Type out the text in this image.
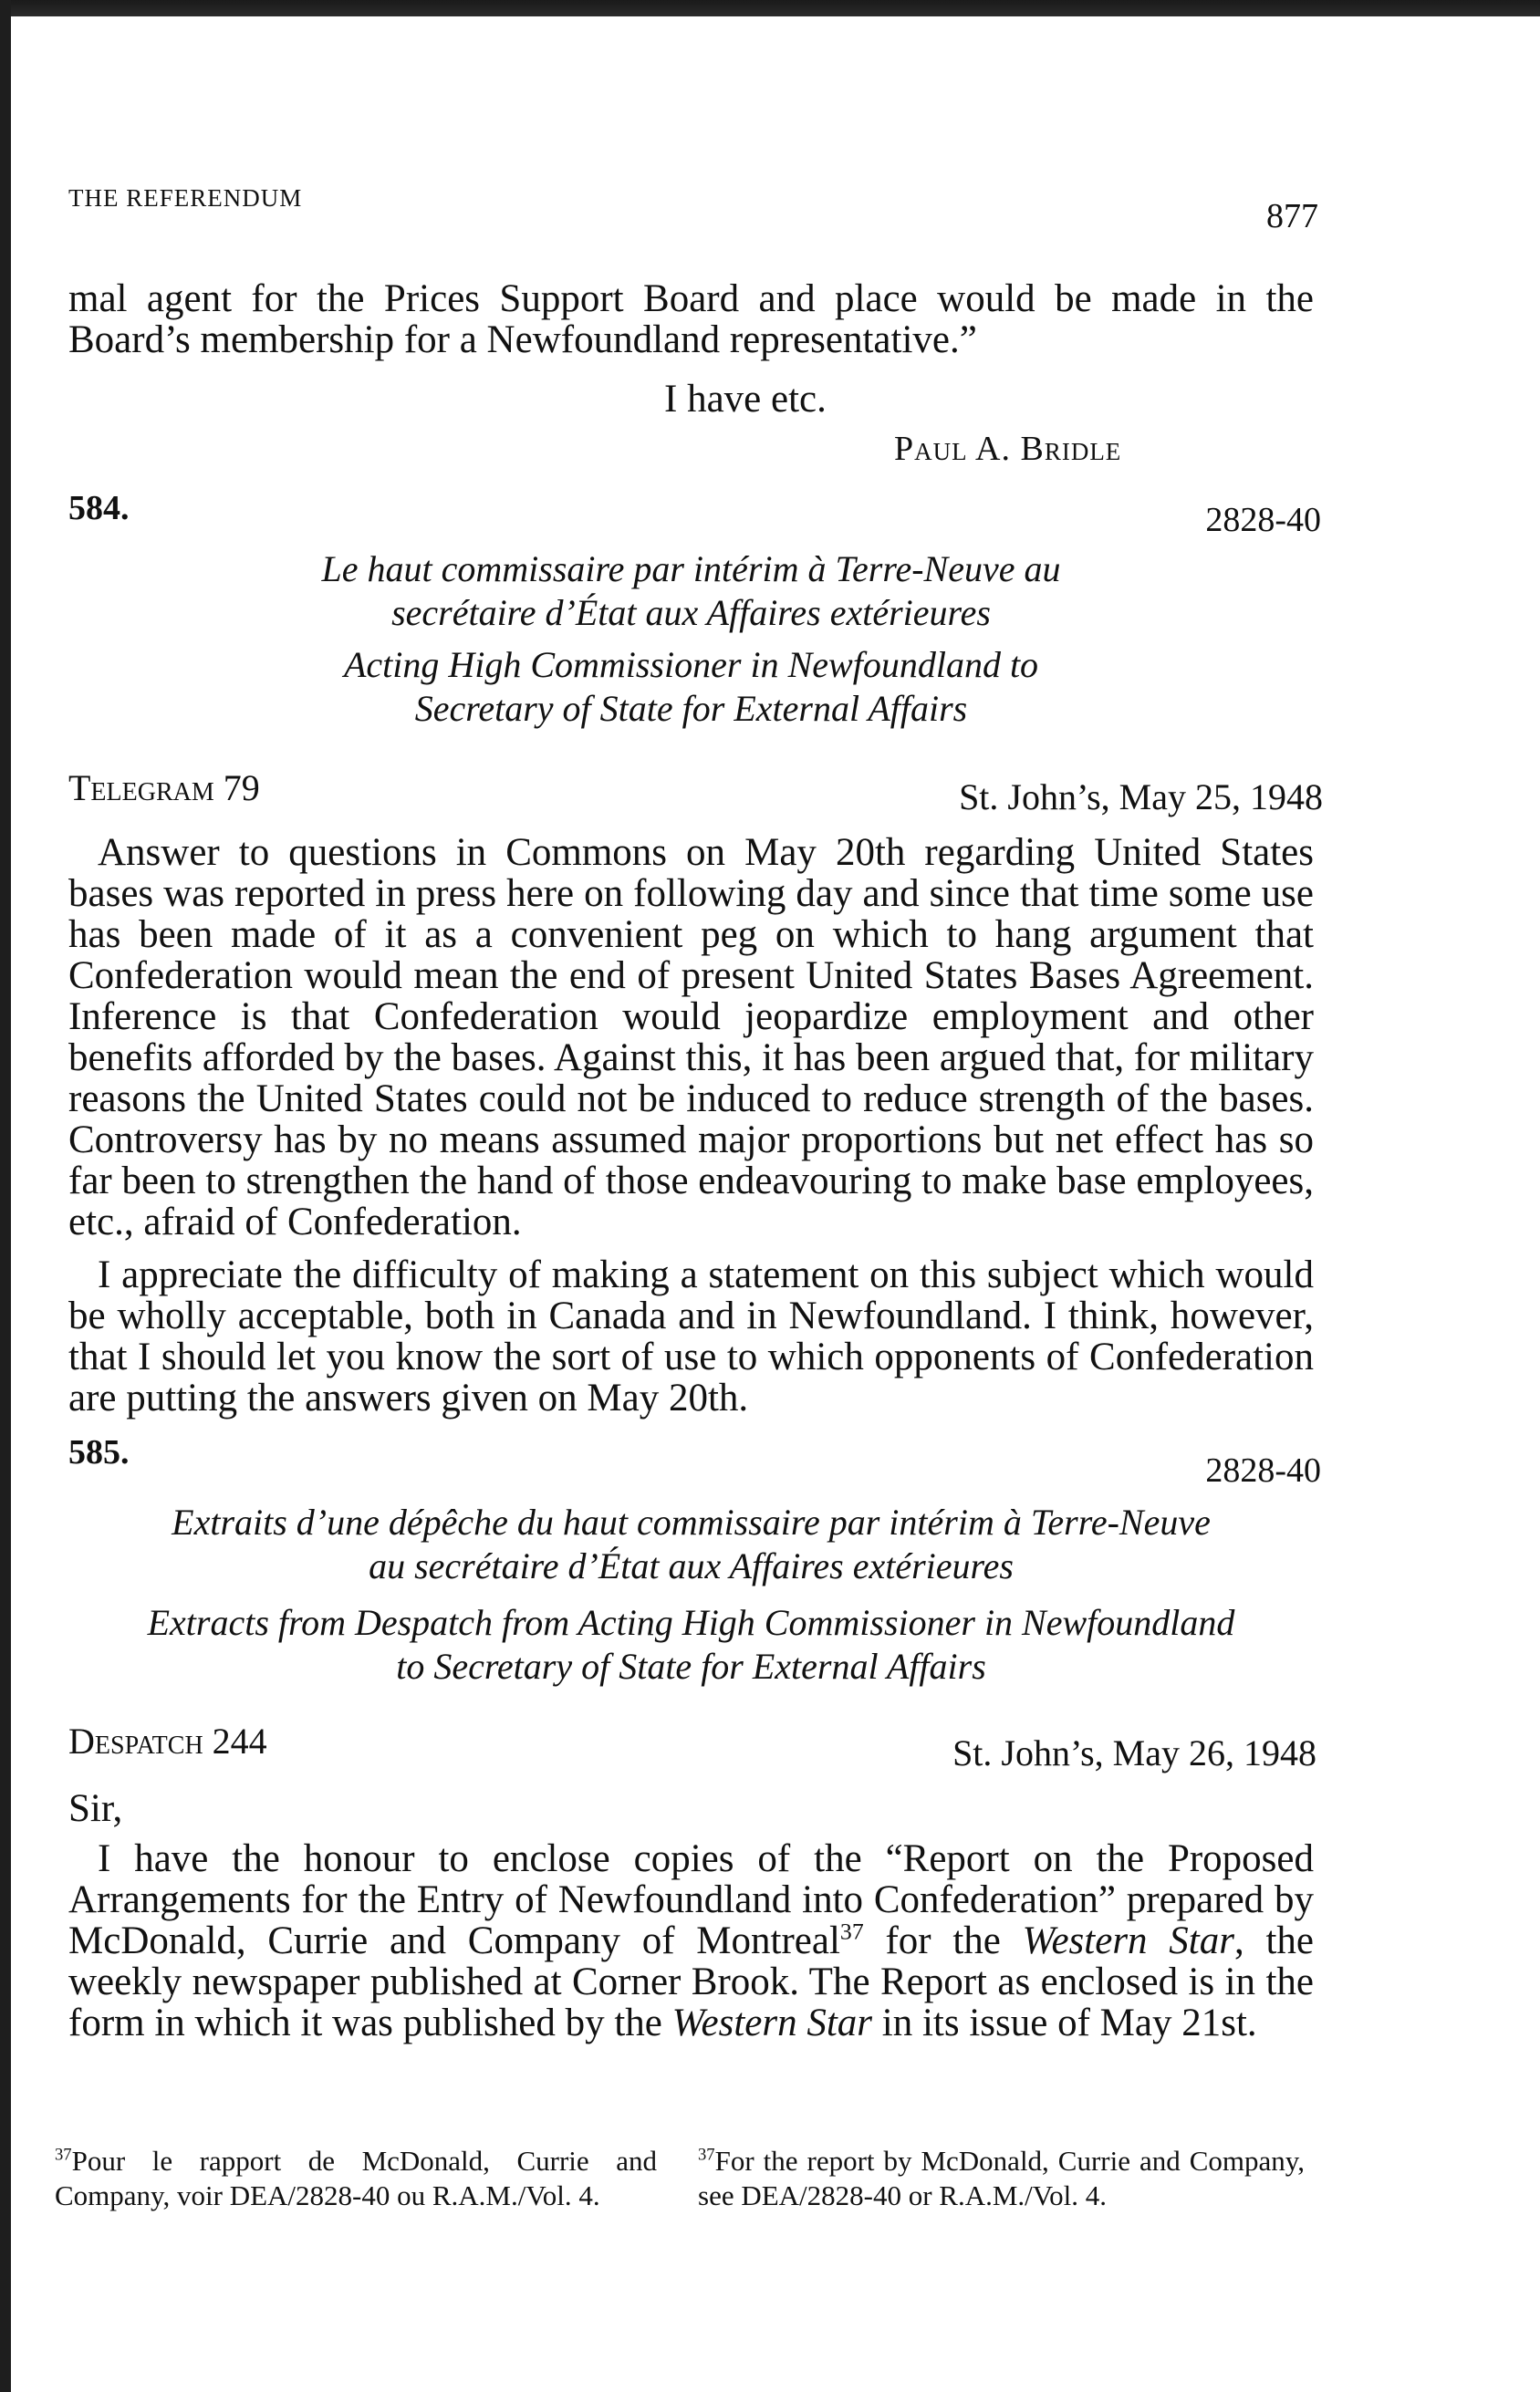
THE REFERENDUM	877
mal agent for the Prices Support Board and place would be made in the Board’s membership for a Newfoundland representative.”
I have etc.
Paul A. Bridle
584.	2828-40
Le haut commissaire par intérim à Terre-Neuve au
secrétaire d’État aux Affaires extérieures
Acting High Commissioner in Newfoundland to
Secretary of State for External Affairs
Telegram 79	St. John’s, May 25, 1948
Answer to questions in Commons on May 20th regarding United States bases was reported in press here on following day and since that time some use has been made of it as a convenient peg on which to hang argument that Confederation would mean the end of present United States Bases Agreement. Inference is that Confederation would jeopardize employment and other benefits afforded by the bases. Against this, it has been argued that, for military reasons the United States could not be induced to reduce strength of the bases. Controversy has by no means assumed major proportions but net effect has so far been to strengthen the hand of those endeavouring to make base employees, etc., afraid of Confederation.
I appreciate the difficulty of making a statement on this subject which would be wholly acceptable, both in Canada and in Newfoundland. I think, however, that I should let you know the sort of use to which opponents of Confederation are putting the answers given on May 20th.
585.	2828-40
Extraits d’une dépêche du haut commissaire par intérim à Terre-Neuve
au secrétaire d’État aux Affaires extérieures
Extracts from Despatch from Acting High Commissioner in Newfoundland
to Secretary of State for External Affairs
Despatch 244	St. John’s, May 26, 1948
Sir,
I have the honour to enclose copies of the “Report on the Proposed Arrangements for the Entry of Newfoundland into Confederation” prepared by McDonald, Currie and Company of Montreal$^{37}$ for the Western Star, the weekly newspaper published at Corner Brook. The Report as enclosed is in the form in which it was published by the Western Star in its issue of May 21st.
$^{37}$Pour le rapport de McDonald, Currie and Company, voir DEA/2828-40 ou R.A.M./Vol. 4.
$^{37}$For the report by McDonald, Currie and Company, see DEA/2828-40 or R.A.M./Vol. 4.
